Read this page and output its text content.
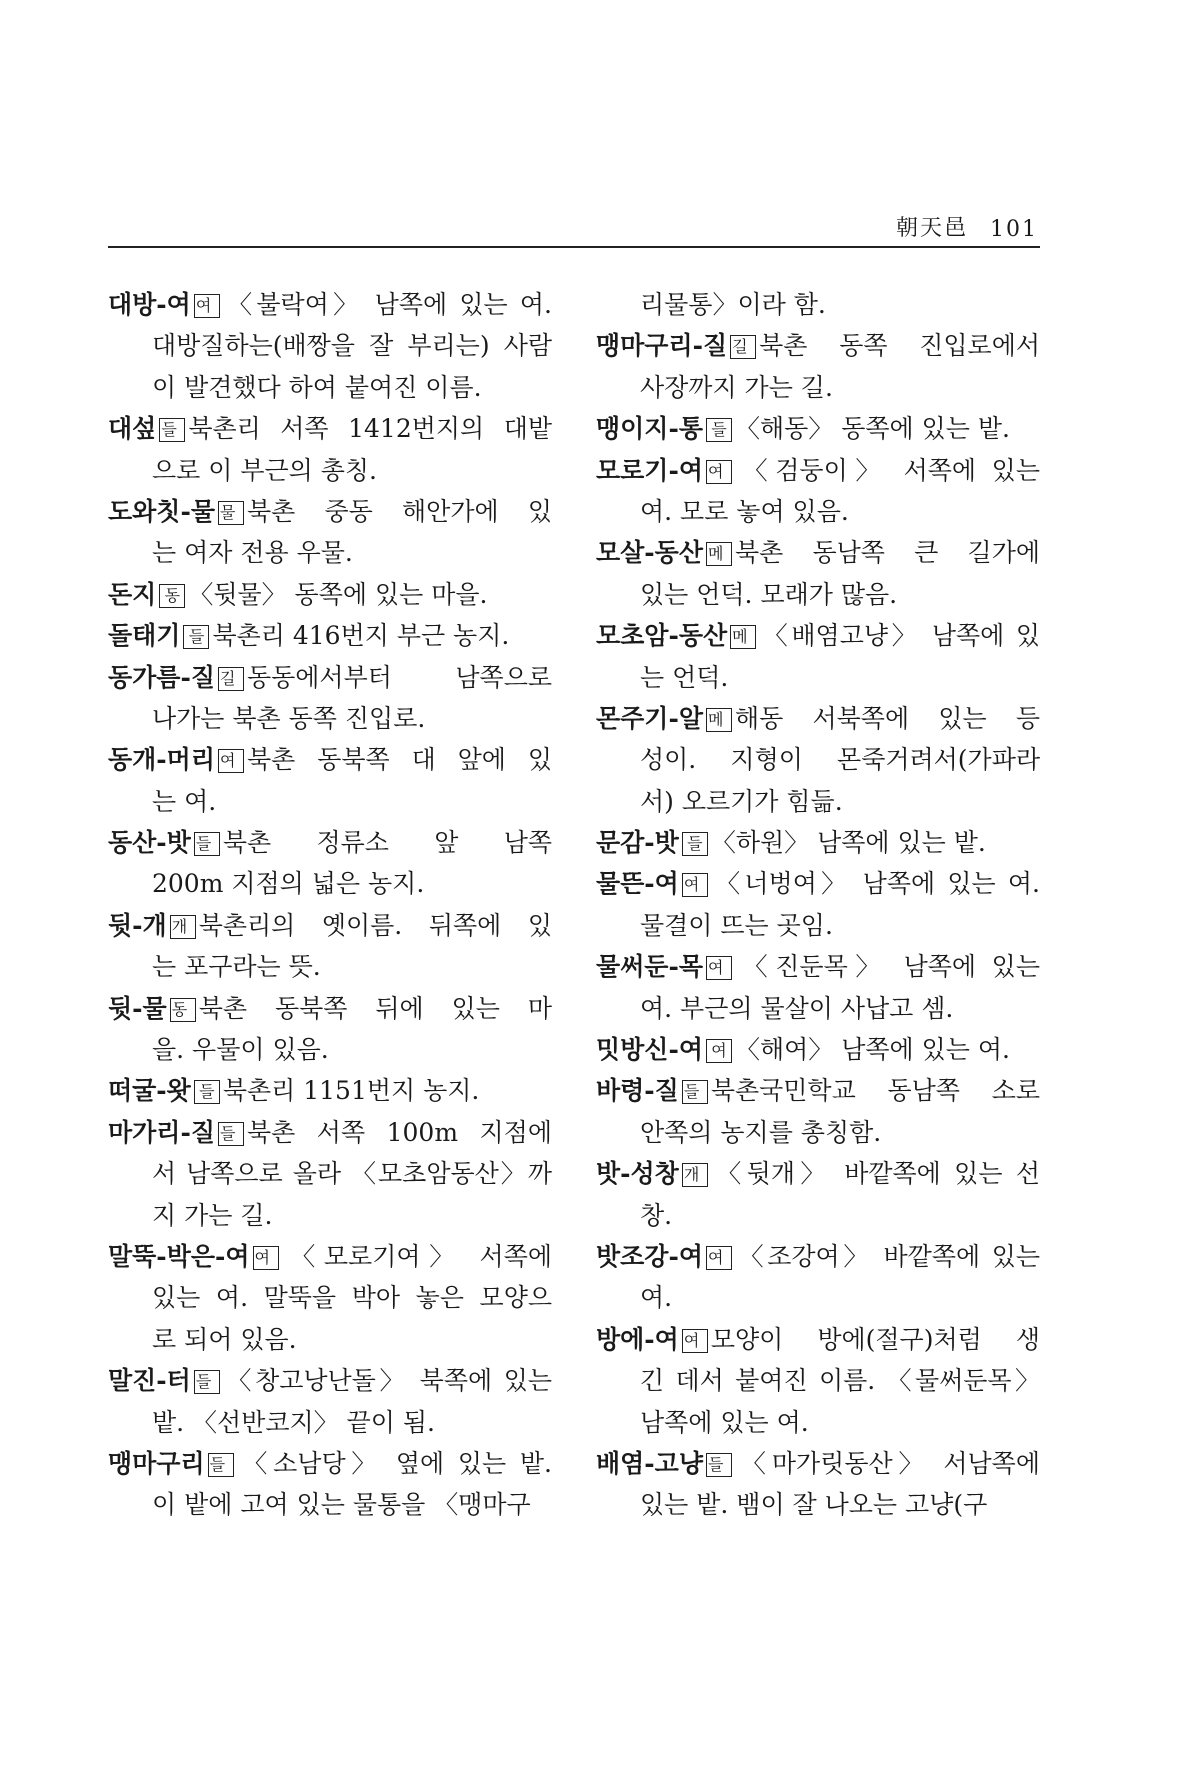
朝天邑 101
대방-여 여 〈불락여〉 남쪽에 있는 여.
대방질하는(배짱을 잘 부리는) 사람
이 발견했다 하여 붙여진 이름.
대섶 들 북촌리 서쪽 1412번지의 대밭
으로 이 부근의 총칭.
도와칫-물 물 북촌 중동 해안가에 있
는 여자 전용 우물.
돈지 동 〈뒷물〉 동쪽에 있는 마을.
돌태기 들 북촌리 416번지 부근 농지.
동가름-질 길 동동에서부터 남쪽으로
나가는 북촌 동쪽 진입로.
동개-머리 여 북촌 동북쪽 대 앞에 있
는 여.
동산-밧 들 북촌 정류소 앞 남쪽
200m 지점의 넓은 농지.
뒷-개 개 북촌리의 옛이름. 뒤쪽에 있
는 포구라는 뜻.
뒷-물 동 북촌 동북쪽 뒤에 있는 마
을. 우물이 있음.
떠굴-왓 들 북촌리 1151번지 농지.
마가리-질 들 북촌 서쪽 100m 지점에
서 남쪽으로 올라 〈모초암동산〉까
지 가는 길.
말뚝-박은-여 여 〈모로기여〉 서쪽에
있는 여. 말뚝을 박아 놓은 모양으
로 되어 있음.
말진-터 들 〈창고낭난돌〉 북쪽에 있는
밭. 〈선반코지〉 끝이 됨.
맹마구리 들 〈소남당〉 옆에 있는 밭.
이 밭에 고여 있는 물통을 〈맹마구
리물통〉이라 함.
맹마구리-질 길 북촌 동쪽 진입로에서
사장까지 가는 길.
맹이지-통 들 〈해동〉 동쪽에 있는 밭.
모로기-여 여 〈검둥이〉 서쪽에 있는
여. 모로 놓여 있음.
모살-동산 메 북촌 동남쪽 큰 길가에
있는 언덕. 모래가 많음.
모초암-동산 메 〈배염고냥〉 남쪽에 있
는 언덕.
몬주기-알 메 해동 서북쪽에 있는 등
성이. 지형이 몬죽거려서(가파라
서) 오르기가 힘듦.
문감-밧 들 〈하원〉 남쪽에 있는 밭.
물뜬-여 여 〈너벙여〉 남쪽에 있는 여.
물결이 뜨는 곳임.
물써둔-목 여 〈진둔목〉 남쪽에 있는
여. 부근의 물살이 사납고 셈.
밋방신-여 여 〈해여〉 남쪽에 있는 여.
바령-질 들 북촌국민학교 동남쪽 소로
안쪽의 농지를 총칭함.
밧-성창 개 〈뒷개〉 바깥쪽에 있는 선
창.
밧조강-여 여 〈조강여〉 바깥쪽에 있는
여.
방에-여 여 모양이 방에(절구)처럼 생
긴 데서 붙여진 이름. 〈물써둔목〉
남쪽에 있는 여.
배염-고냥 들 〈마가릿동산〉 서남쪽에
있는 밭. 뱀이 잘 나오는 고냥(구
